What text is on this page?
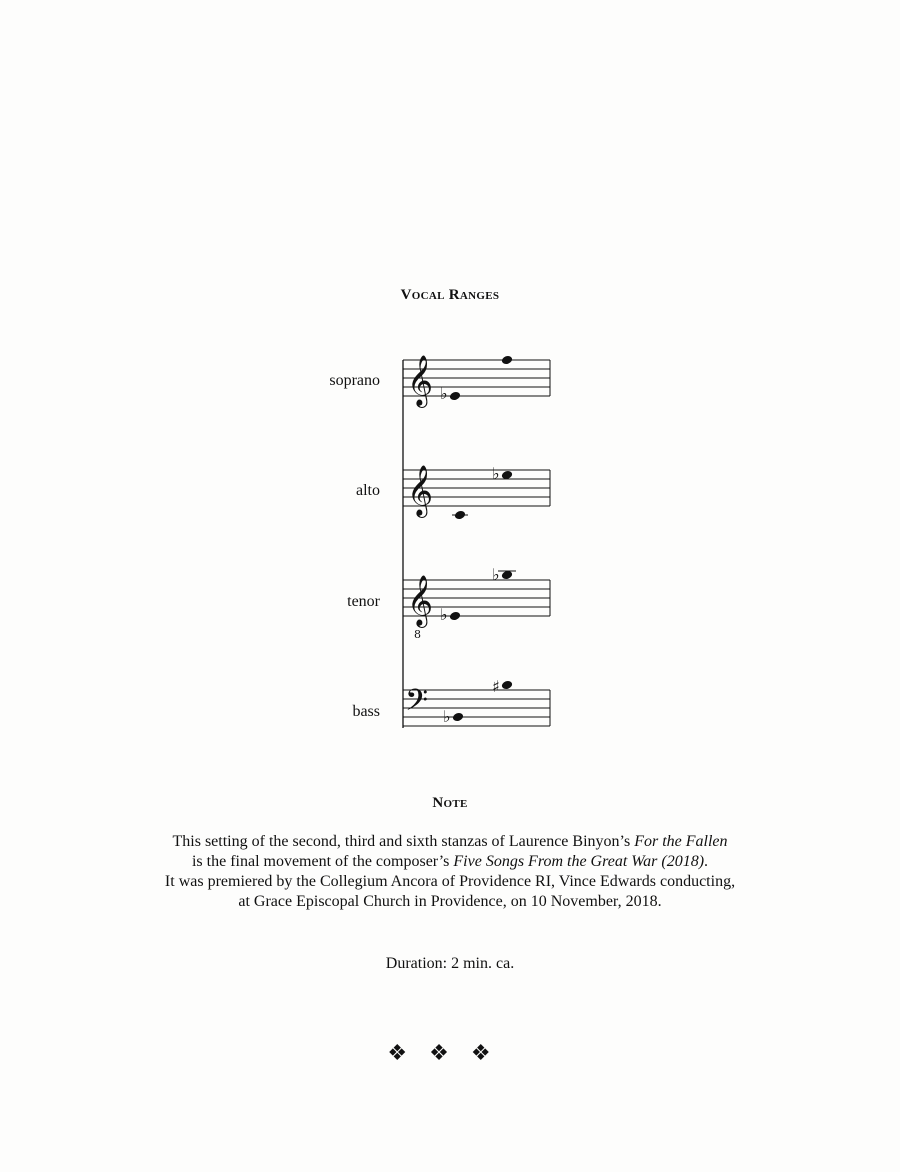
Vocal Ranges
soprano
alto
tenor
bass
𝄞 ♭
𝄞	♭
𝄞
8
♭
♭
𝄢 ♭
♯
Note
This setting of the second, third and sixth stanzas of Laurence Binyon’s For the Fallen
is the final movement of the composer’s Five Songs From the Great War (2018).
It was premiered by the Collegium Ancora of Providence RI, Vince Edwards conducting,
at Grace Episcopal Church in Providence, on 10 November, 2018.
Duration: 2 min. ca.
❖❖❖
